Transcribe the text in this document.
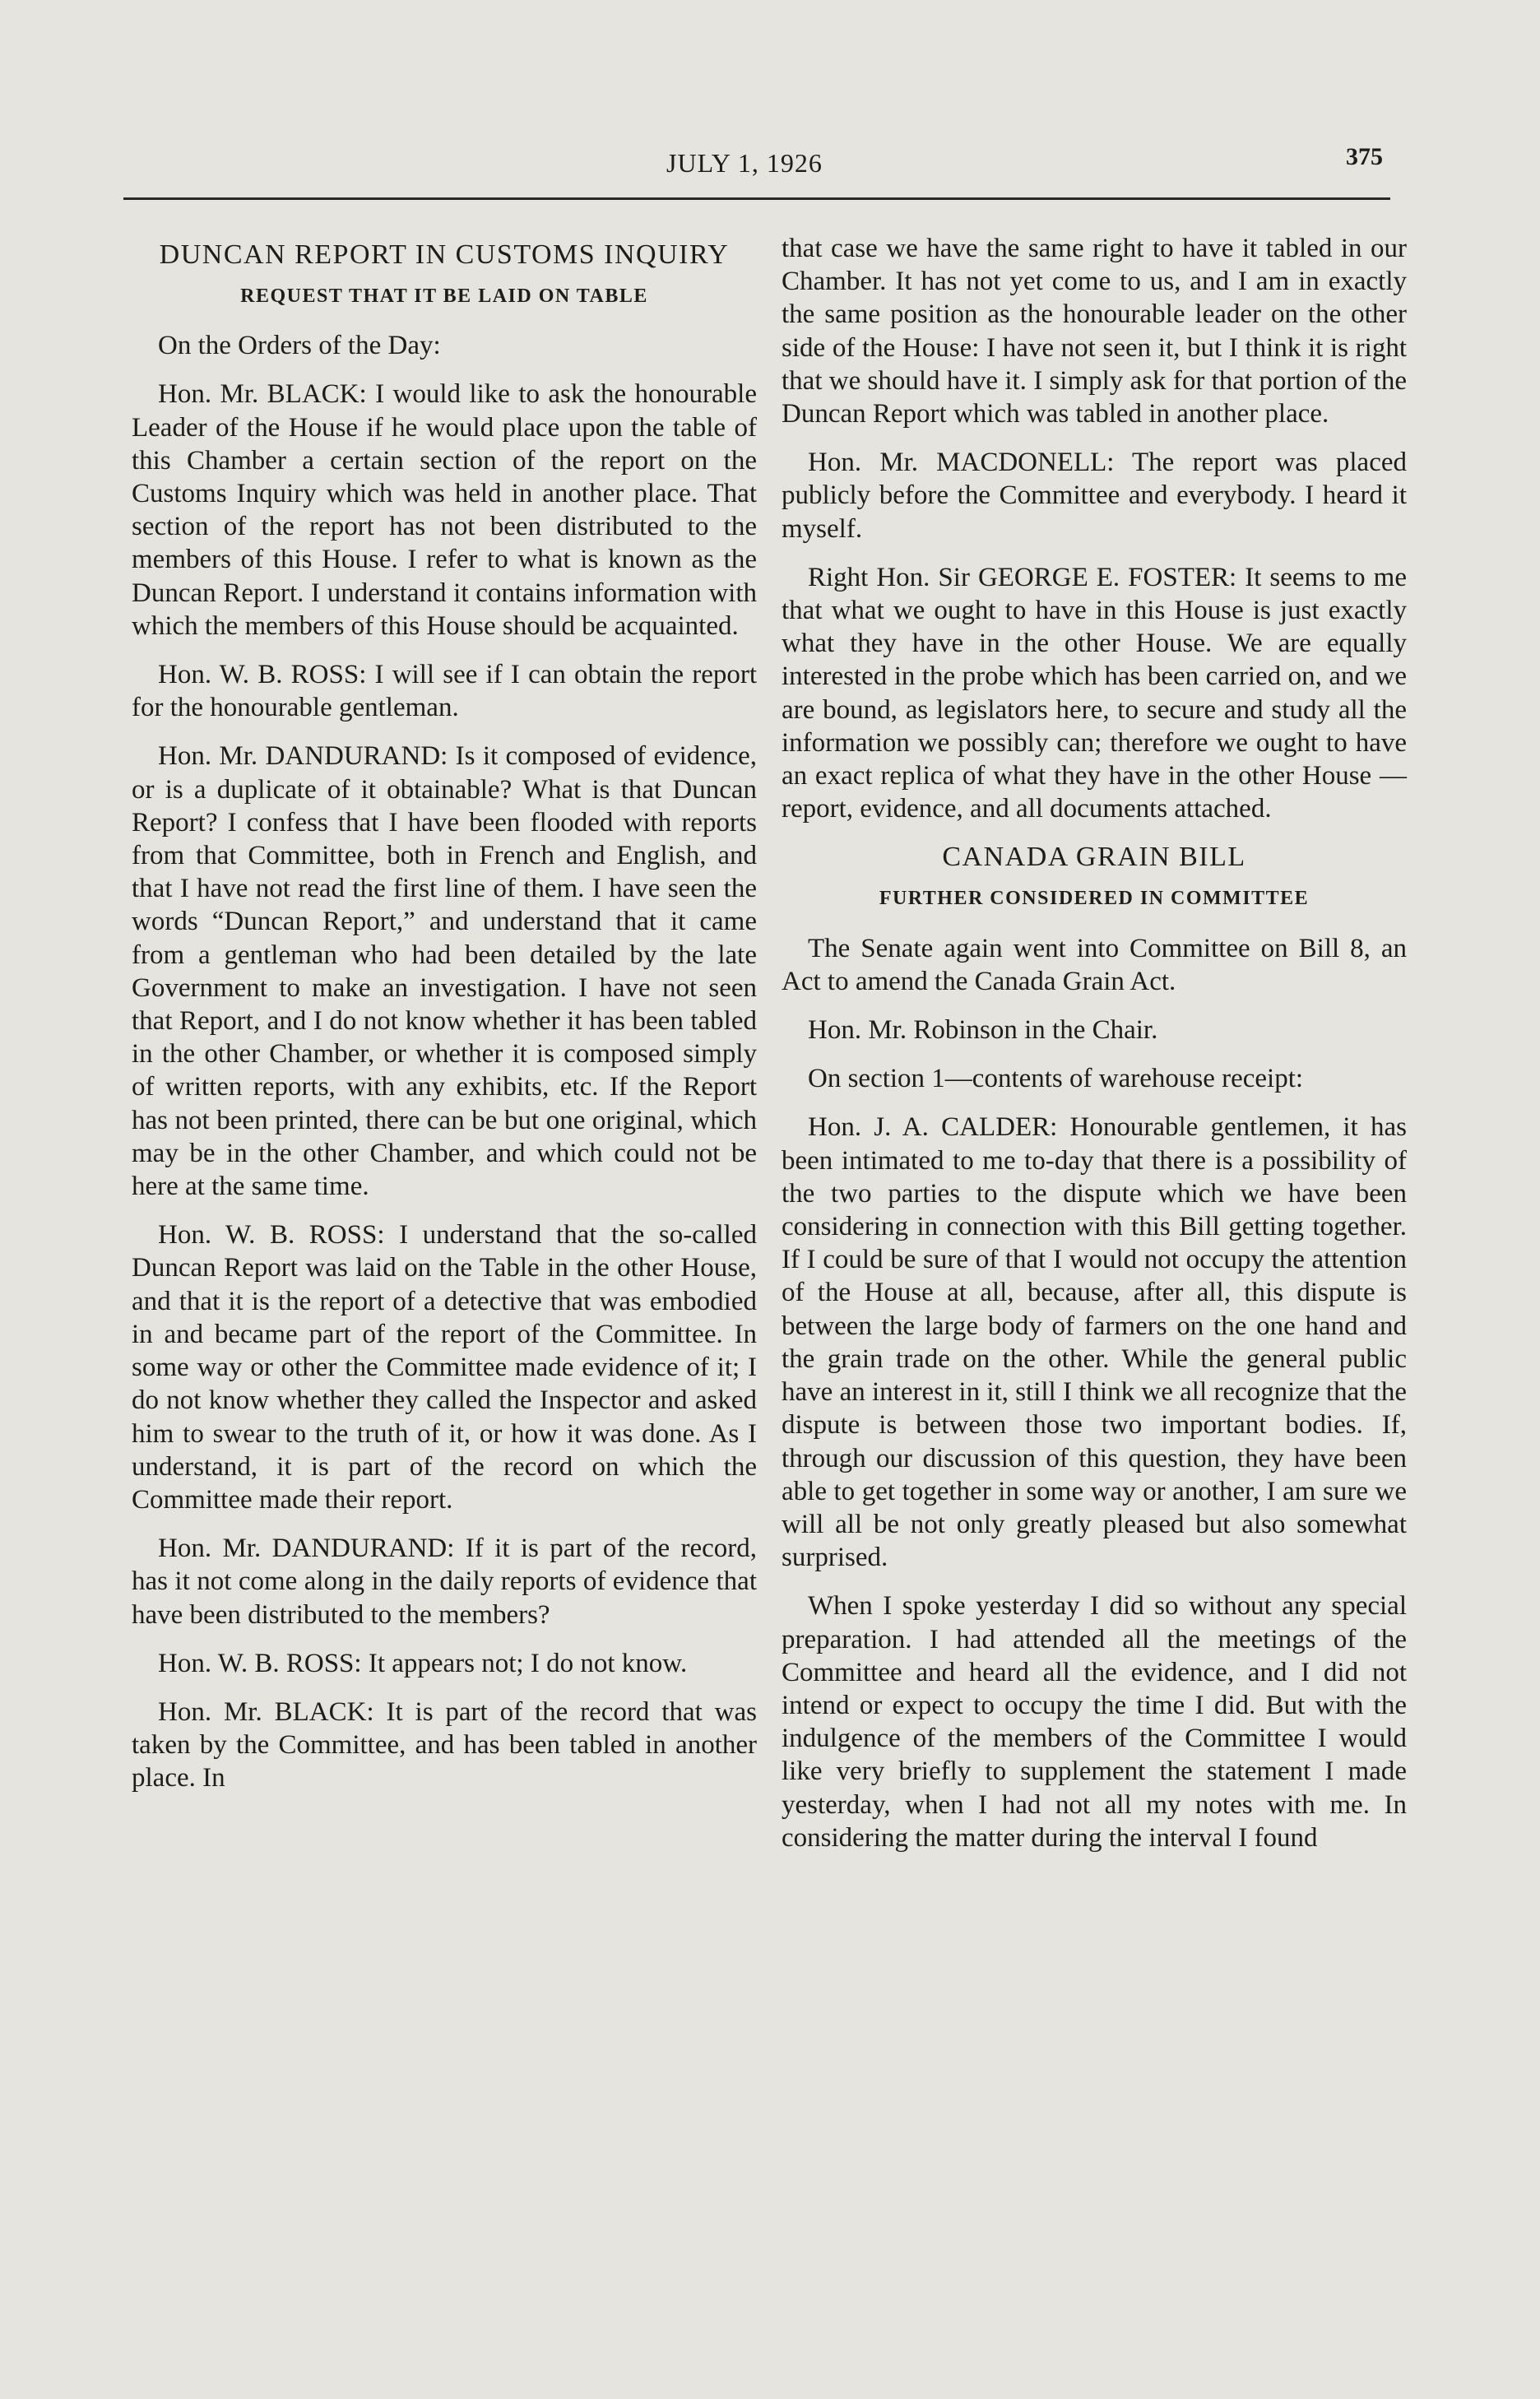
JULY 1, 1926	375
DUNCAN REPORT IN CUSTOMS INQUIRY
REQUEST THAT IT BE LAID ON TABLE

On the Orders of the Day:

Hon. Mr. BLACK: I would like to ask the honourable Leader of the House if he would place upon the table of this Chamber a certain section of the report on the Customs Inquiry which was held in another place. That section of the report has not been distributed to the members of this House. I refer to what is known as the Duncan Report. I understand it contains information with which the members of this House should be acquainted.

Hon. W. B. ROSS: I will see if I can obtain the report for the honourable gentleman.

Hon. Mr. DANDURAND: Is it composed of evidence, or is a duplicate of it obtainable? What is that Duncan Report? I confess that I have been flooded with reports from that Committee, both in French and English, and that I have not read the first line of them. I have seen the words “Duncan Report,” and understand that it came from a gentleman who had been detailed by the late Government to make an investigation. I have not seen that Report, and I do not know whether it has been tabled in the other Chamber, or whether it is composed simply of written reports, with any exhibits, etc. If the Report has not been printed, there can be but one original, which may be in the other Chamber, and which could not be here at the same time.

Hon. W. B. ROSS: I understand that the so-called Duncan Report was laid on the Table in the other House, and that it is the report of a detective that was embodied in and became part of the report of the Committee. In some way or other the Committee made evidence of it; I do not know whether they called the Inspector and asked him to swear to the truth of it, or how it was done. As I understand, it is part of the record on which the Committee made their report.

Hon. Mr. DANDURAND: If it is part of the record, has it not come along in the daily reports of evidence that have been distributed to the members?

Hon. W. B. ROSS: It appears not; I do not know.

Hon. Mr. BLACK: It is part of the record that was taken by the Committee, and has been tabled in another place. In

that case we have the same right to have it tabled in our Chamber. It has not yet come to us, and I am in exactly the same position as the honourable leader on the other side of the House: I have not seen it, but I think it is right that we should have it. I simply ask for that portion of the Duncan Report which was tabled in another place.

Hon. Mr. MACDONELL: The report was placed publicly before the Committee and everybody. I heard it myself.

Right Hon. Sir GEORGE E. FOSTER: It seems to me that what we ought to have in this House is just exactly what they have in the other House. We are equally interested in the probe which has been carried on, and we are bound, as legislators here, to secure and study all the information we possibly can; therefore we ought to have an exact replica of what they have in the other House —report, evidence, and all documents attached.

CANADA GRAIN BILL
FURTHER CONSIDERED IN COMMITTEE

The Senate again went into Committee on Bill 8, an Act to amend the Canada Grain Act.

Hon. Mr. Robinson in the Chair.

On section 1—contents of warehouse receipt:

Hon. J. A. CALDER: Honourable gentlemen, it has been intimated to me to-day that there is a possibility of the two parties to the dispute which we have been considering in connection with this Bill getting together. If I could be sure of that I would not occupy the attention of the House at all, because, after all, this dispute is between the large body of farmers on the one hand and the grain trade on the other. While the general public have an interest in it, still I think we all recognize that the dispute is between those two important bodies. If, through our discussion of this question, they have been able to get together in some way or another, I am sure we will all be not only greatly pleased but also somewhat surprised.

When I spoke yesterday I did so without any special preparation. I had attended all the meetings of the Committee and heard all the evidence, and I did not intend or expect to occupy the time I did. But with the indulgence of the members of the Committee I would like very briefly to supplement the statement I made yesterday, when I had not all my notes with me. In considering the matter during the interval I found
